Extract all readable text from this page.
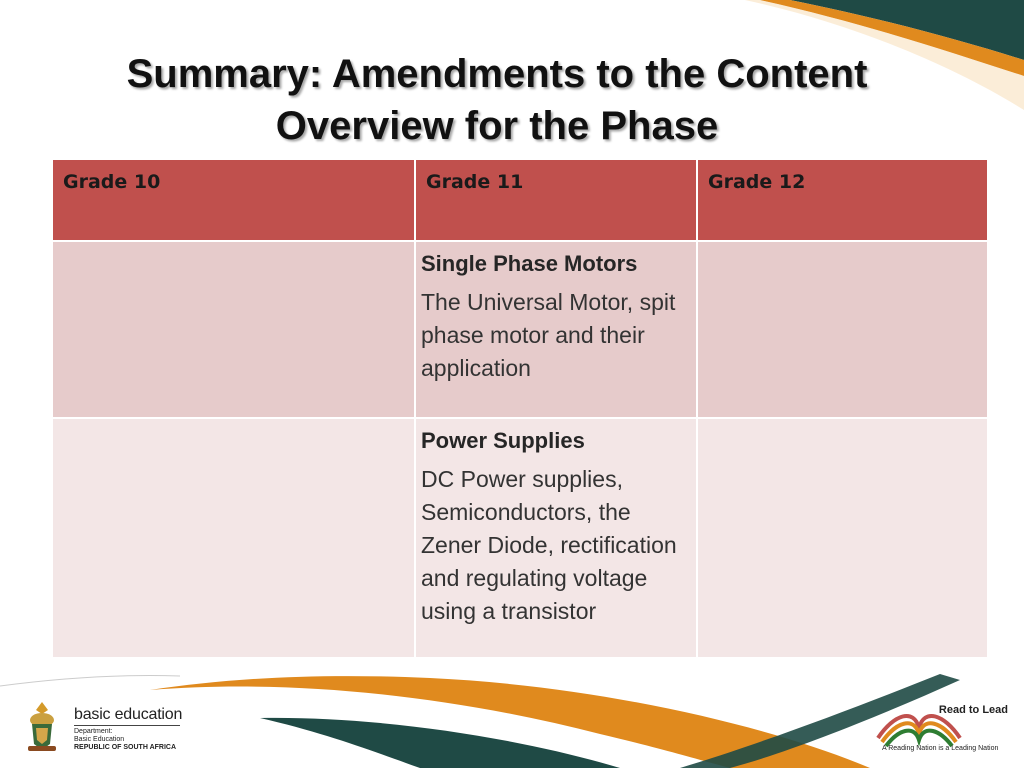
Summary: Amendments to the Content
Overview for the Phase
Grade 10	Grade 11	Grade 12

	Single Phase Motors
The Universal Motor, spit phase motor and their application	

	Power Supplies
DC Power supplies, Semiconductors, the Zener Diode, rectification and regulating voltage using a transistor	

basic education
Department:
Basic Education
REPUBLIC OF SOUTH AFRICA
Read to Lead
A Reading Nation is a Leading Nation
